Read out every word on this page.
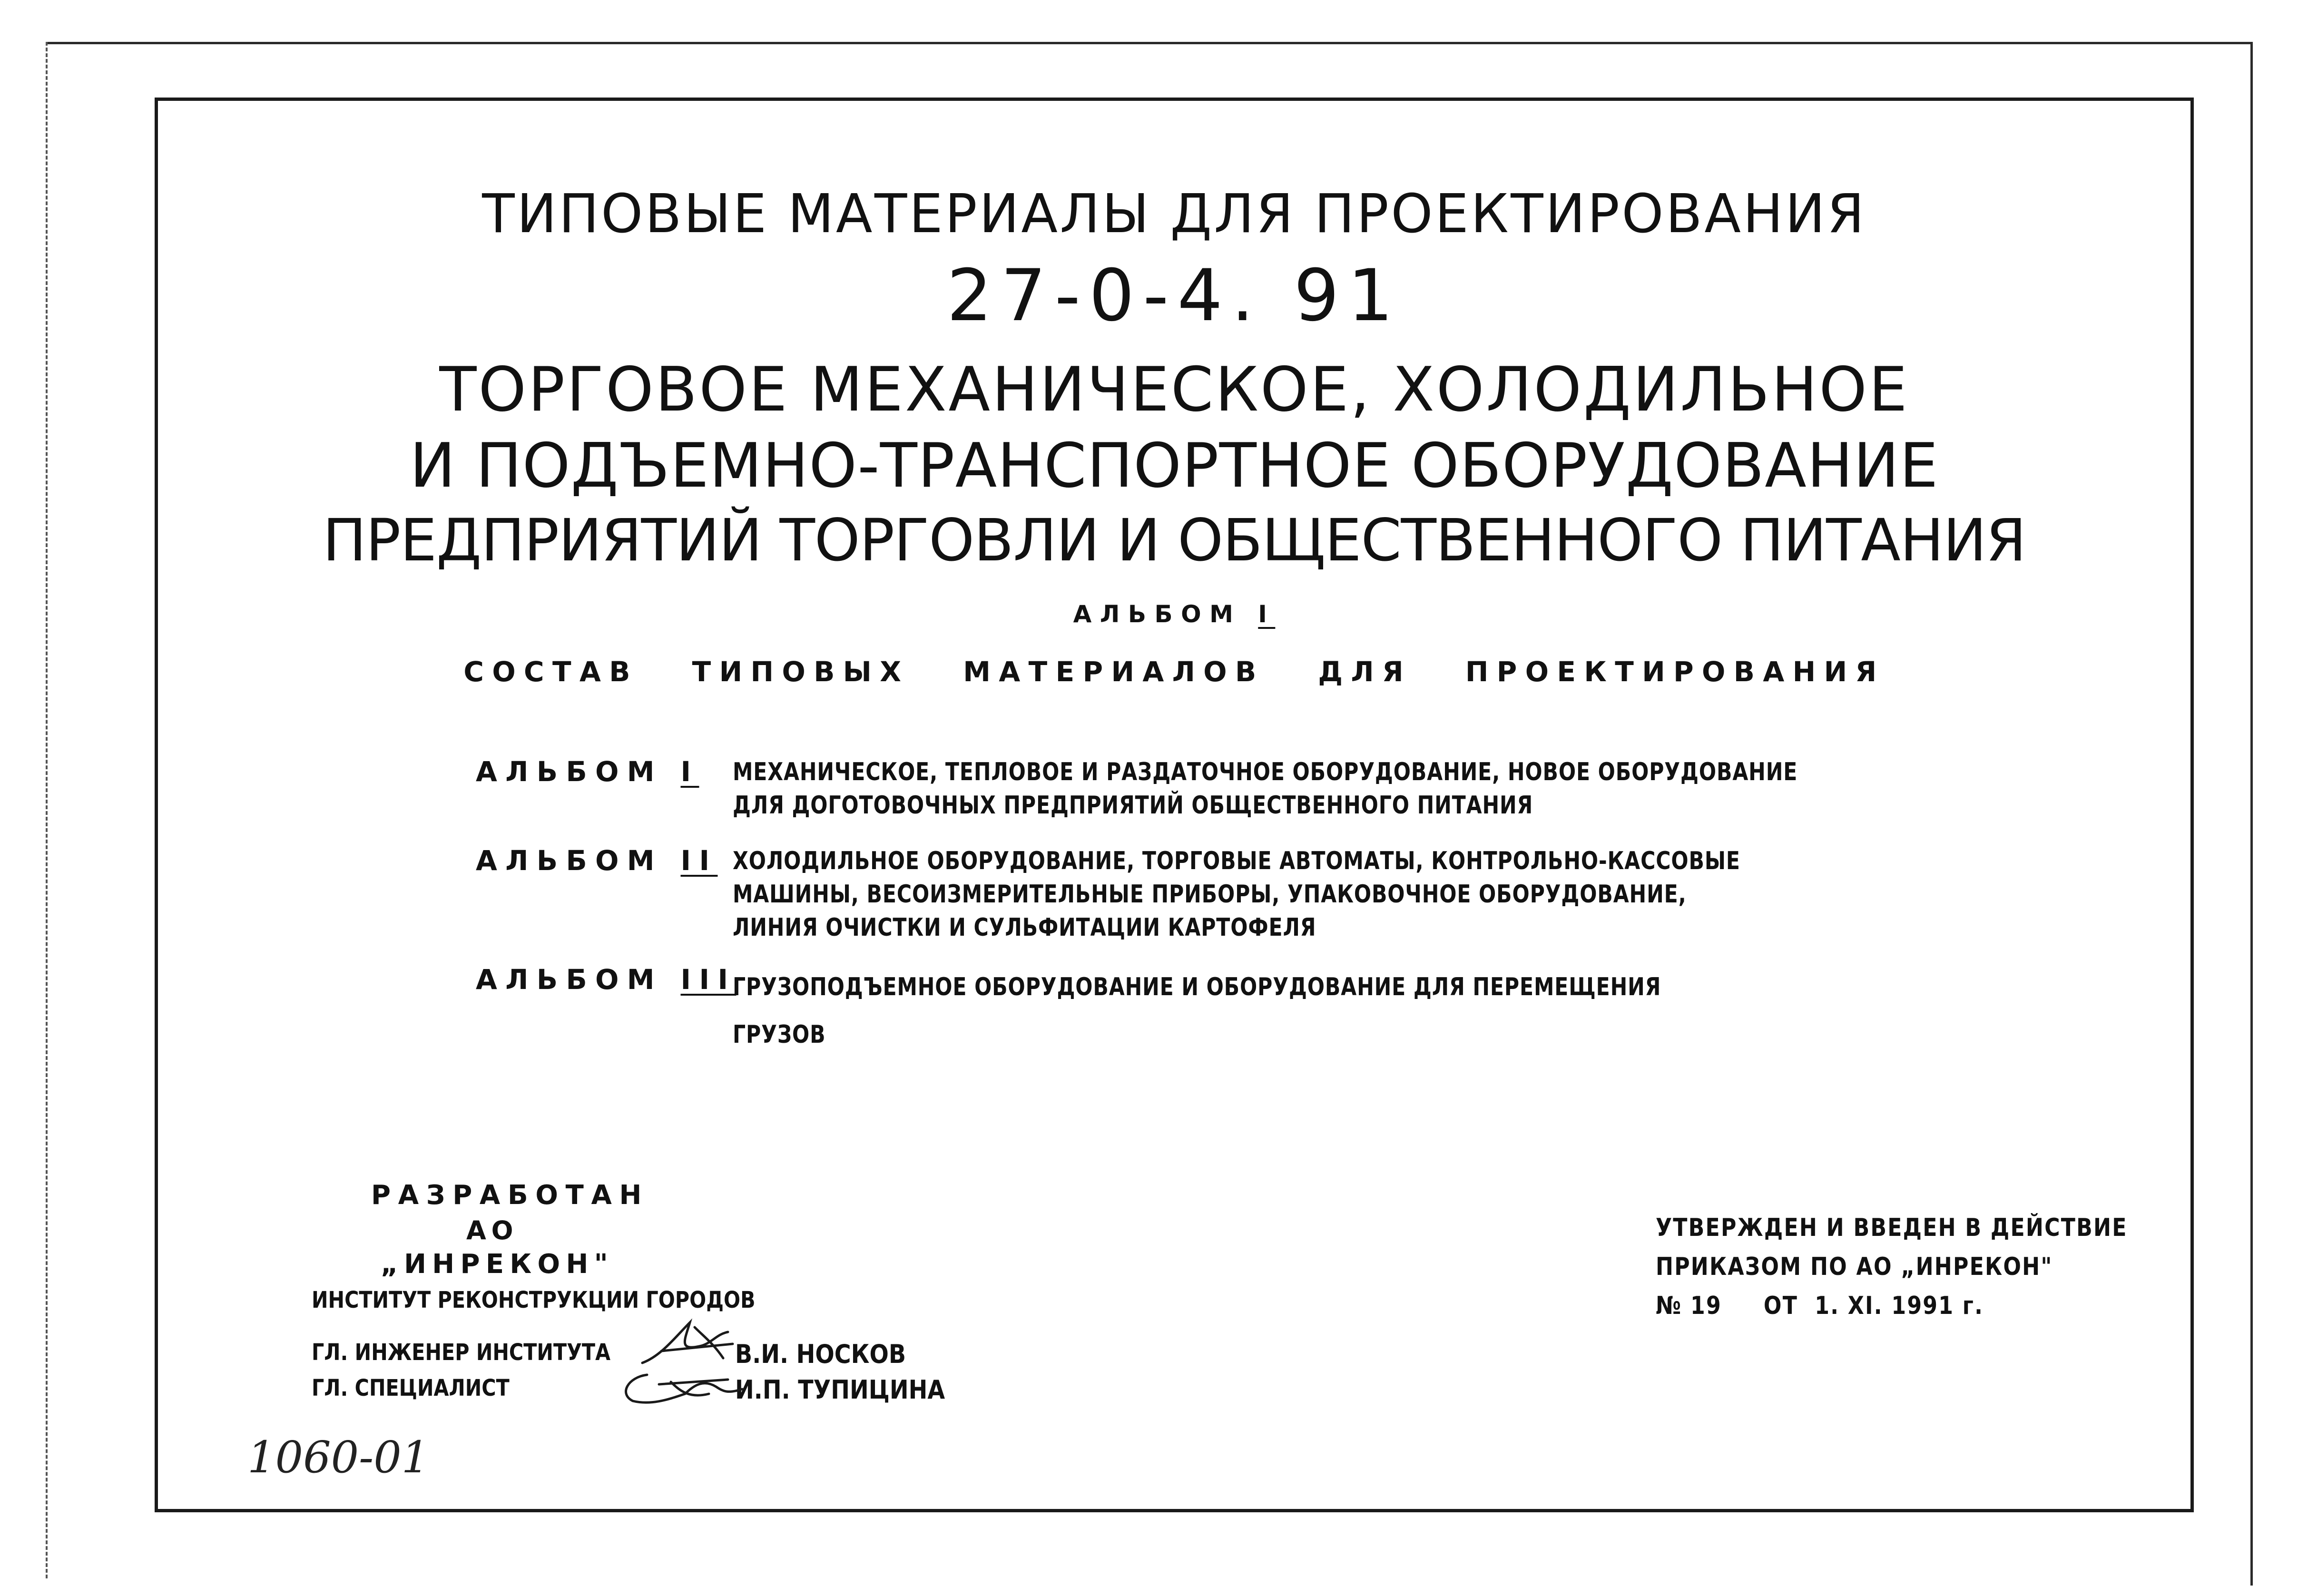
ТИПОВЫЕ МАТЕРИАЛЫ ДЛЯ ПРОЕКТИРОВАНИЯ
27-0-4. 91
ТОРГОВОЕ МЕХАНИЧЕСКОЕ, ХОЛОДИЛЬНОЕ
И ПОДЪЕМНО-ТРАНСПОРТНОЕ ОБОРУДОВАНИЕ
ПРЕДПРИЯТИЙ ТОРГОВЛИ И ОБЩЕСТВЕННОГО ПИТАНИЯ
АЛЬБОМ I
СОСТАВ   ТИПОВЫХ   МАТЕРИАЛОВ   ДЛЯ   ПРОЕКТИРОВАНИЯ
АЛЬБОМ I МЕХАНИЧЕСКОЕ, ТЕПЛОВОЕ И РАЗДАТОЧНОЕ ОБОРУДОВАНИЕ, НОВОЕ ОБОРУДОВАНИЕ
ДЛЯ ДОГОТОВОЧНЫХ ПРЕДПРИЯТИЙ ОБЩЕСТВЕННОГО ПИТАНИЯ
АЛЬБОМ II ХОЛОДИЛЬНОЕ ОБОРУДОВАНИЕ, ТОРГОВЫЕ АВТОМАТЫ, КОНТРОЛЬНО-КАССОВЫЕ
МАШИНЫ, ВЕСОИЗМЕРИТЕЛЬНЫЕ ПРИБОРЫ, УПАКОВОЧНОЕ ОБОРУДОВАНИЕ,
ЛИНИЯ ОЧИСТКИ И СУЛЬФИТАЦИИ КАРТОФЕЛЯ
АЛЬБОМ III
ГРУЗОПОДЪЕМНОЕ ОБОРУДОВАНИЕ И ОБОРУДОВАНИЕ ДЛЯ ПЕРЕМЕЩЕНИЯ
ГРУЗОВ
РАЗРАБОТАН
АО
„ИНРЕКОН"
ИНСТИТУТ РЕКОНСТРУКЦИИ ГОРОДОВ
ГЛ. ИНЖЕНЕР ИНСТИТУТА	В.И. НОСКОВ
ГЛ. СПЕЦИАЛИСТ	И.П. ТУПИЦИНА
УТВЕРЖДЕН И ВВЕДЕН В ДЕЙСТВИЕ
ПРИКАЗОМ ПО АО „ИНРЕКОН"
№ 19     ОТ  1. XI. 1991 г.
1060-01
